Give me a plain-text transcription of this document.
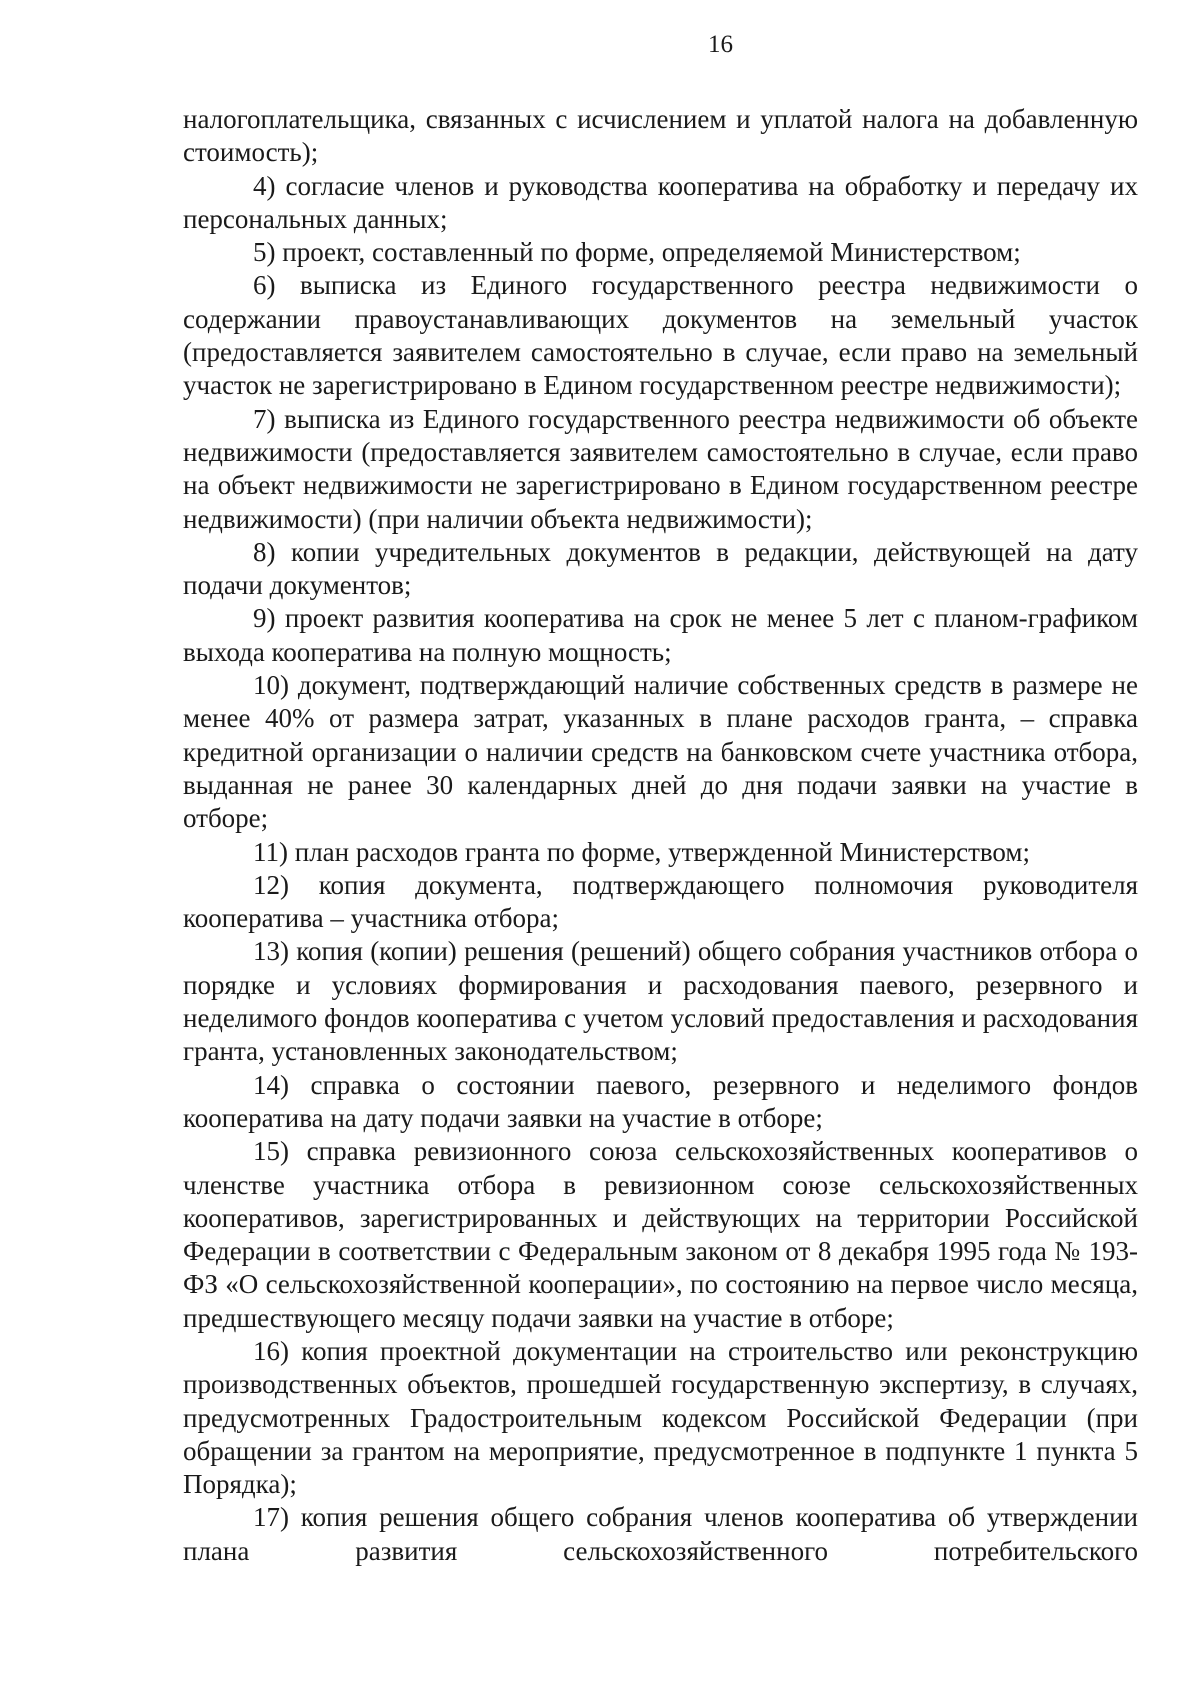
16

налогоплательщика, связанных с исчислением и уплатой налога на добавленную стоимость);

4) согласие членов и руководства кооператива на обработку и передачу их персональных данных;

5) проект, составленный по форме, определяемой Министерством;

6) выписка из Единого государственного реестра недвижимости о содержании правоустанавливающих документов на земельный участок (предоставляется заявителем самостоятельно в случае, если право на земельный участок не зарегистрировано в Едином государственном реестре недвижимости);

7) выписка из Единого государственного реестра недвижимости об объекте недвижимости (предоставляется заявителем самостоятельно в случае, если право на объект недвижимости не зарегистрировано в Едином государственном реестре недвижимости) (при наличии объекта недвижимости);

8) копии учредительных документов в редакции, действующей на дату подачи документов;

9) проект развития кооператива на срок не менее 5 лет с планом-графиком выхода кооператива на полную мощность;

10) документ, подтверждающий наличие собственных средств в размере не менее 40% от размера затрат, указанных в плане расходов гранта, – справка кредитной организации о наличии средств на банковском счете участника отбора, выданная не ранее 30 календарных дней до дня подачи заявки на участие в отборе;

11) план расходов гранта по форме, утвержденной Министерством;

12) копия документа, подтверждающего полномочия руководителя кооператива – участника отбора;

13) копия (копии) решения (решений) общего собрания участников отбора о порядке и условиях формирования и расходования паевого, резервного и неделимого фондов кооператива с учетом условий предоставления и расходования гранта, установленных законодательством;

14) справка о состоянии паевого, резервного и неделимого фондов кооператива на дату подачи заявки на участие в отборе;

15) справка ревизионного союза сельскохозяйственных кооперативов о членстве участника отбора в ревизионном союзе сельскохозяйственных кооперативов, зарегистрированных и действующих на территории Российской Федерации в соответствии с Федеральным законом от 8 декабря 1995 года № 193-ФЗ «О сельскохозяйственной кооперации», по состоянию на первое число месяца, предшествующего месяцу подачи заявки на участие в отборе;

16) копия проектной документации на строительство или реконструкцию производственных объектов, прошедшей государственную экспертизу, в случаях, предусмотренных Градостроительным кодексом Российской Федерации (при обращении за грантом на мероприятие, предусмотренное в подпункте 1 пункта 5 Порядка);

17) копия решения общего собрания членов кооператива об утверждении плана развития сельскохозяйственного потребительского
